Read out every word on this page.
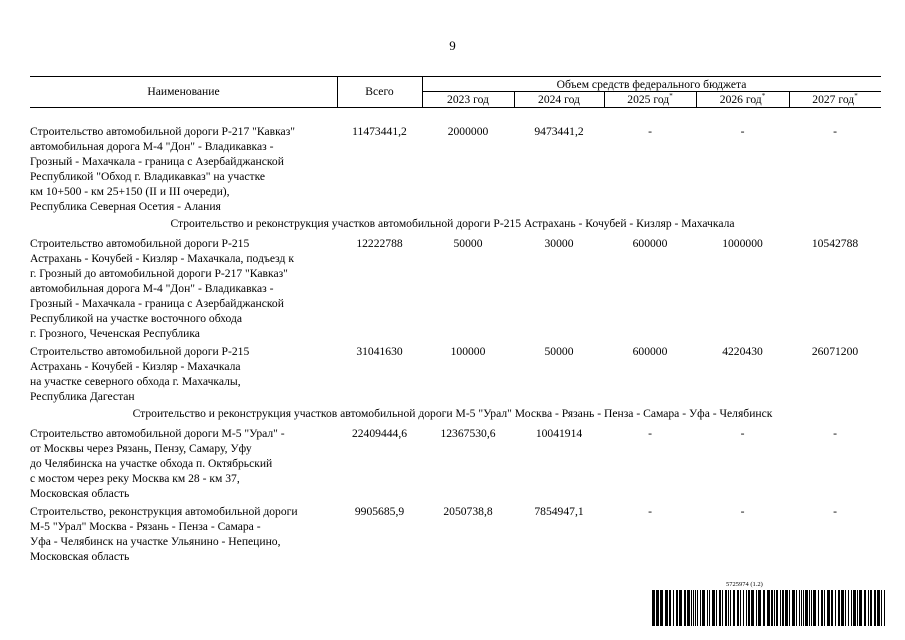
9
Наименование	Всего
Объем средств федерального бюджета
2023 год	2024 год	2025 год*	2026 год*	2027 год*
Строительство автомобильной дороги Р-217 "Кавказ"
автомобильная дорога М-4 "Дон" - Владикавказ -
Грозный - Махачкала - граница с Азербайджанской
Республикой "Обход г. Владикавказ" на участке
км 10+500 - км 25+150 (II и III очереди),
Республика Северная Осетия - Алания
11473441,2	2000000	9473441,2	-	-	-
Строительство и реконструкция участков автомобильной дороги Р-215 Астрахань - Кочубей - Кизляр - Махачкала
Строительство автомобильной дороги Р-215
Астрахань - Кочубей - Кизляр - Махачкала, подъезд к
г. Грозный до автомобильной дороги Р-217 "Кавказ"
автомобильная дорога М-4 "Дон" - Владикавказ -
Грозный - Махачкала - граница с Азербайджанской
Республикой на участке восточного обхода
г. Грозного, Чеченская Республика
12222788	50000	30000	600000	1000000	10542788
Строительство автомобильной дороги Р-215
Астрахань - Кочубей - Кизляр - Махачкала
на участке северного обхода г. Махачкалы,
Республика Дагестан
31041630	100000	50000	600000	4220430	26071200
Строительство и реконструкция участков автомобильной дороги М-5 "Урал" Москва - Рязань - Пенза - Самара - Уфа - Челябинск
Строительство автомобильной дороги М-5 "Урал" -
от Москвы через Рязань, Пензу, Самару, Уфу
до Челябинска на участке обхода п. Октябрьский
с мостом через реку Москва км 28 - км 37,
Московская область
22409444,6	12367530,6	10041914	-	-	-
Строительство, реконструкция автомобильной дороги
М-5 "Урал" Москва - Рязань - Пенза - Самара -
Уфа - Челябинск на участке Ульянино - Непецино,
Московская область
9905685,9	2050738,8	7854947,1	-	-	-
5725974 (1.2)
